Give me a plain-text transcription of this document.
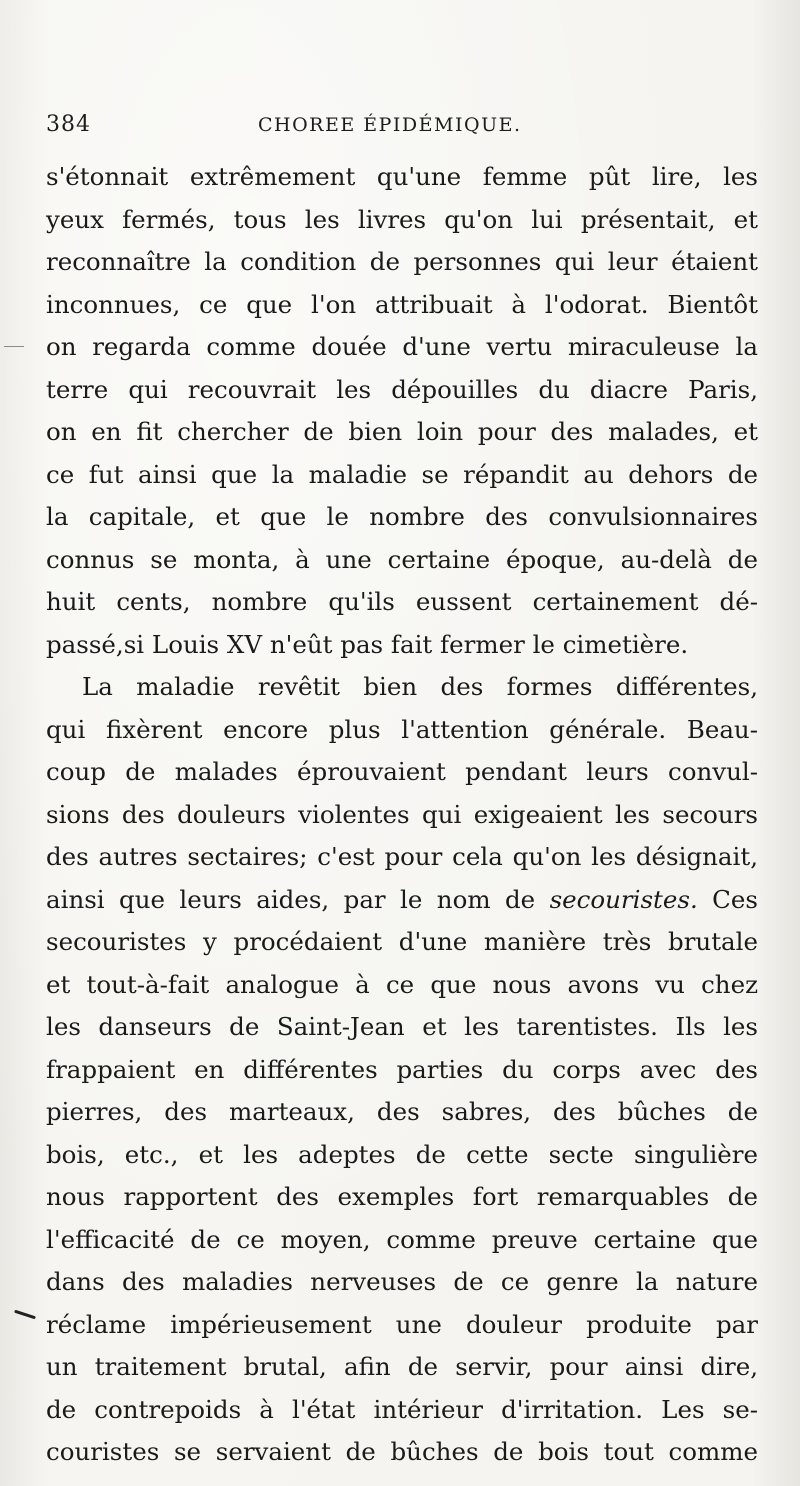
384	CHOREE ÉPIDÉMIQUE.
s'étonnait extrêmement qu'une femme pût lire, les
yeux fermés, tous les livres qu'on lui présentait, et
reconnaître la condition de personnes qui leur étaient
inconnues, ce que l'on attribuait à l'odorat. Bientôt
on regarda comme douée d'une vertu miraculeuse la
terre qui recouvrait les dépouilles du diacre Paris,
on en fit chercher de bien loin pour des malades, et
ce fut ainsi que la maladie se répandit au dehors de
la capitale, et que le nombre des convulsionnaires
connus se monta, à une certaine époque, au-delà de
huit cents, nombre qu'ils eussent certainement dé-
passé,si Louis XV n'eût pas fait fermer le cimetière.
La maladie revêtit bien des formes différentes,
qui fixèrent encore plus l'attention générale. Beau-
coup de malades éprouvaient pendant leurs convul-
sions des douleurs violentes qui exigeaient les secours
des autres sectaires; c'est pour cela qu'on les désignait,
ainsi que leurs aides, par le nom de secouristes. Ces
secouristes y procédaient d'une manière très brutale
et tout-à-fait analogue à ce que nous avons vu chez
les danseurs de Saint-Jean et les tarentistes. Ils les
frappaient en différentes parties du corps avec des
pierres, des marteaux, des sabres, des bûches de
bois, etc., et les adeptes de cette secte singulière
nous rapportent des exemples fort remarquables de
l'efficacité de ce moyen, comme preuve certaine que
dans des maladies nerveuses de ce genre la nature
réclame impérieusement une douleur produite par
un traitement brutal, afin de servir, pour ainsi dire,
de contrepoids à l'état intérieur d'irritation. Les se-
couristes se servaient de bûches de bois tout comme
